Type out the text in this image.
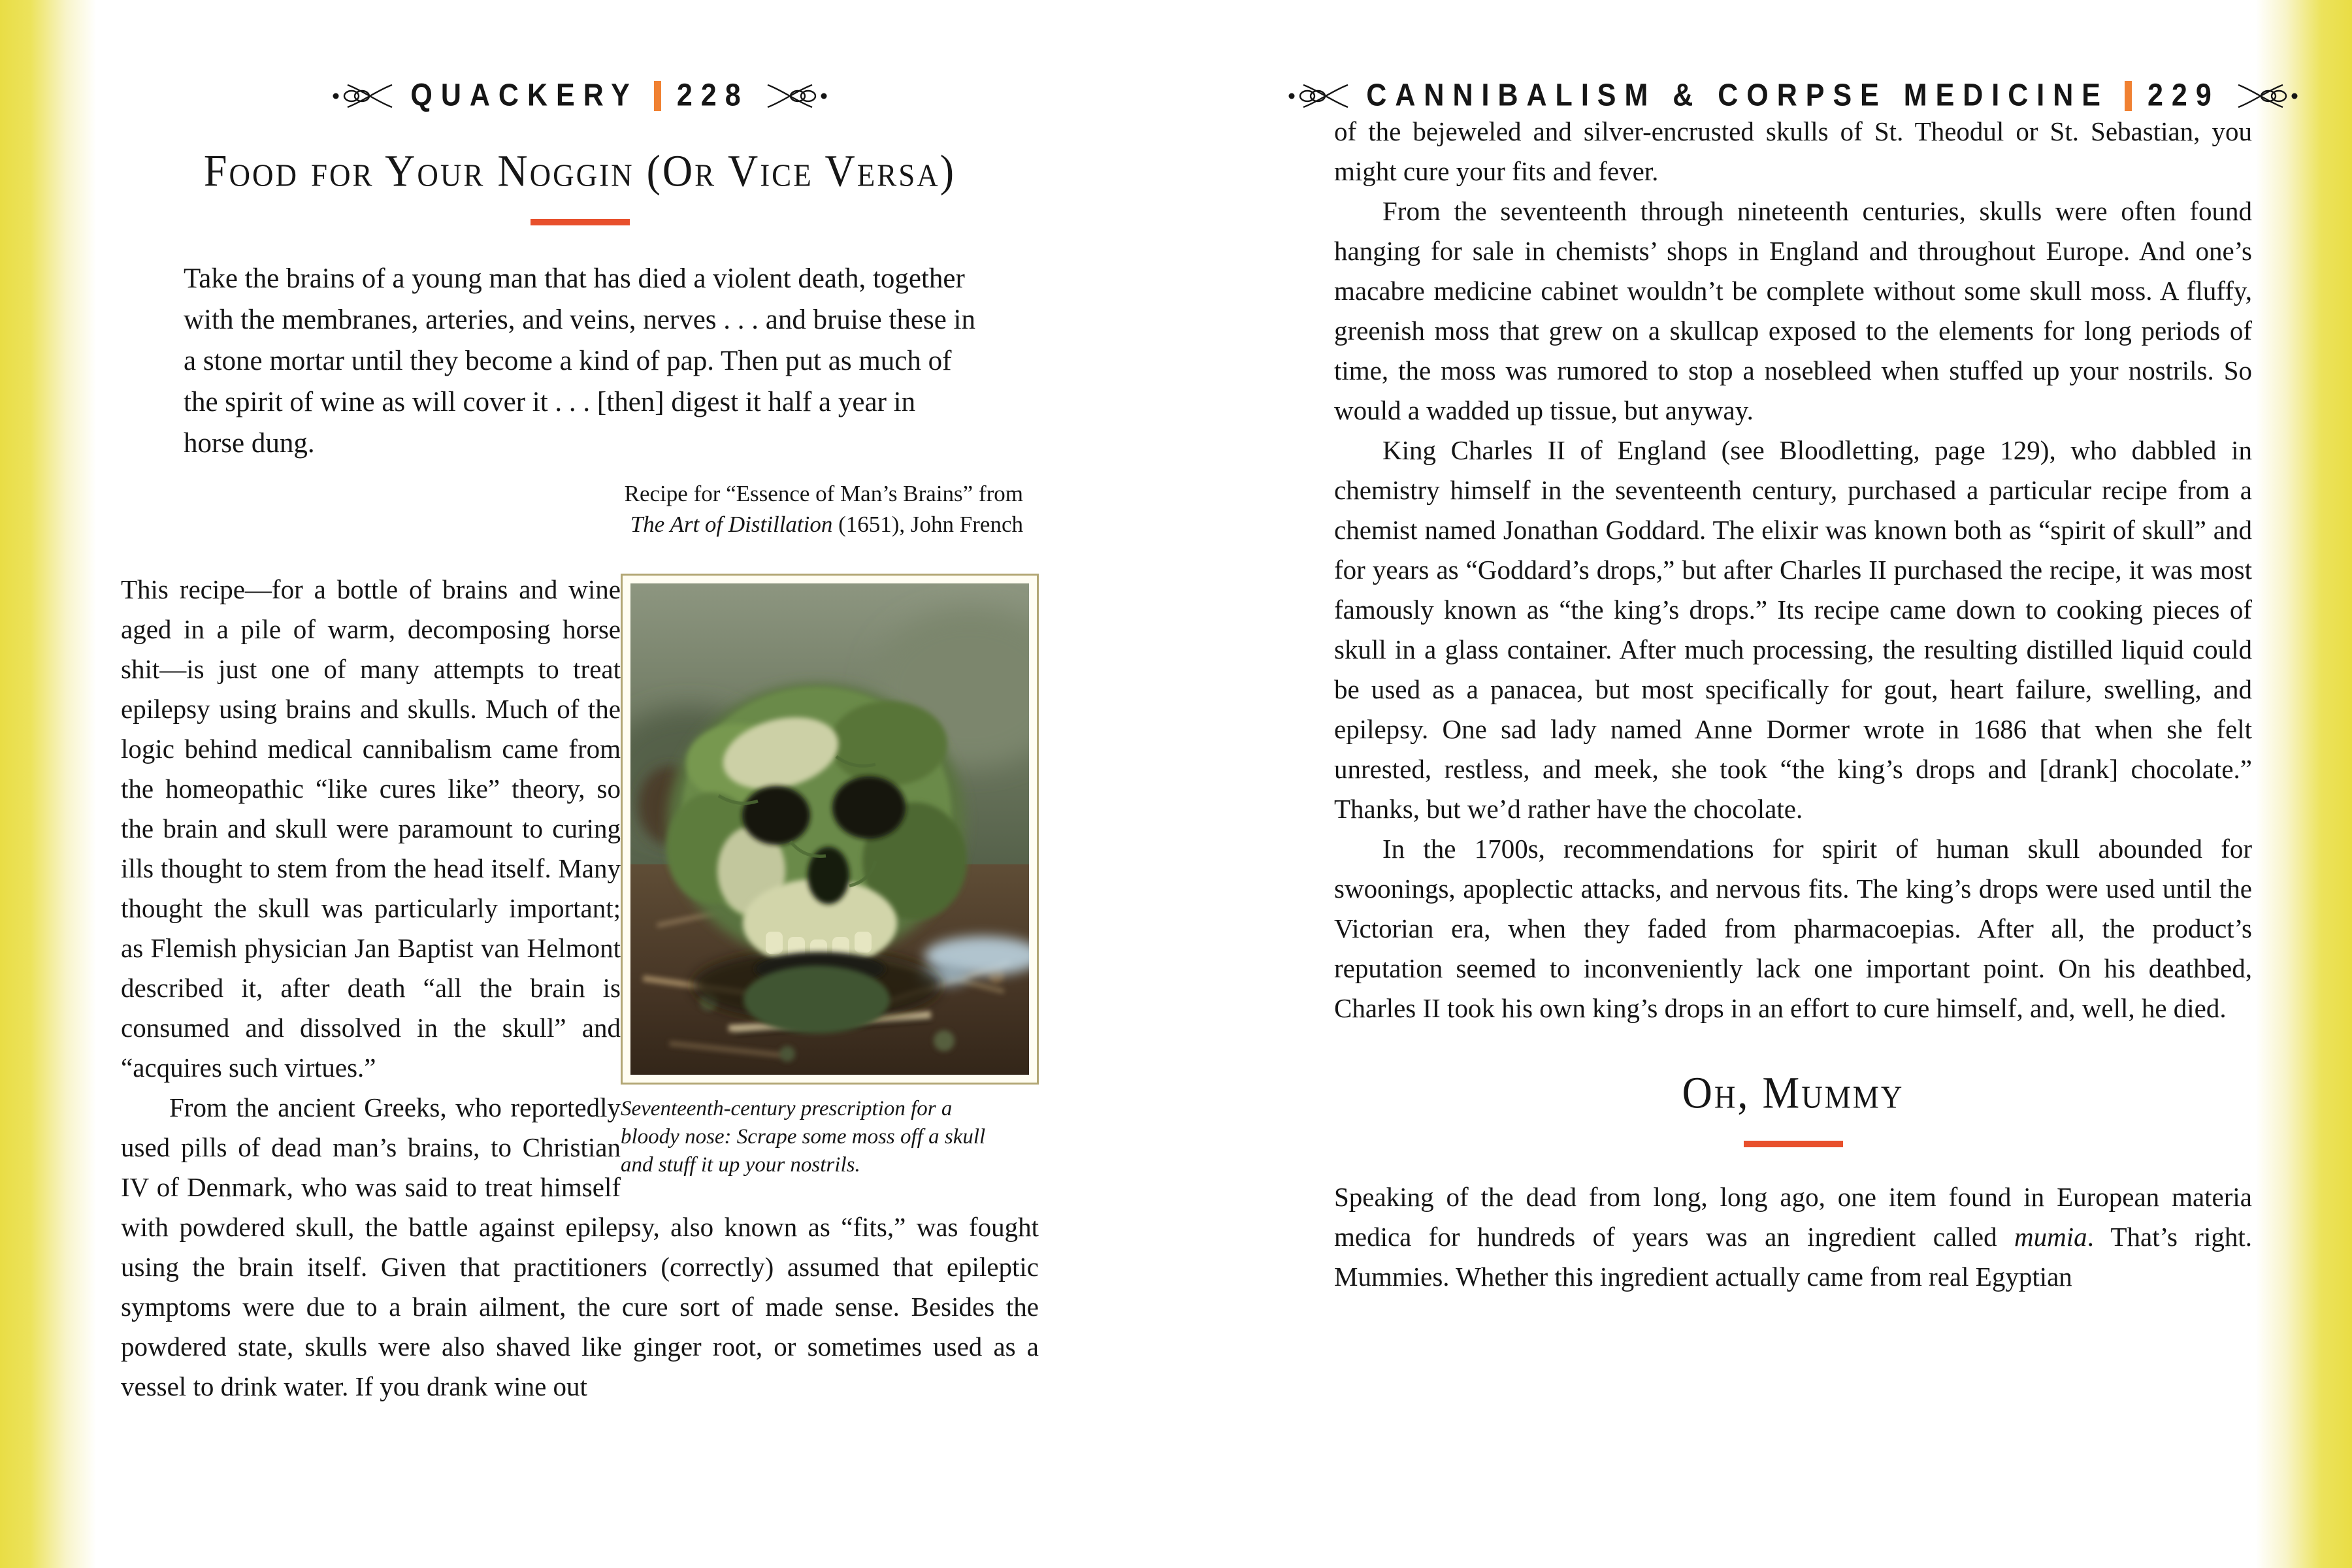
QUACKERY 228
Food for Your Noggin (Or Vice Versa)
Take the brains of a young man that has died a violent death, together with the membranes, arteries, and veins, nerves . . . and bruise these in a stone mortar until they become a kind of pap. Then put as much of the spirit of wine as will cover it . . . [then] digest it half a year in horse dung.
Recipe for “Essence of Man’s Brains” from
The Art of Distillation (1651), John French
Seventeenth-century prescription for a bloody nose: Scrape some moss off a skull and stuff it up your nostrils.

This recipe—for a bottle of brains and wine aged in a pile of warm, decomposing horse shit—is just one of many attempts to treat epilepsy using brains and skulls. Much of the logic behind medical cannibalism came from the homeopathic “like cures like” theory, so the brain and skull were paramount to curing ills thought to stem from the head itself. Many thought the skull was particularly important; as Flemish physician Jan Baptist van Helmont described it, after death “all the brain is consumed and dissolved in the skull” and “acquires such virtues.”

From the ancient Greeks, who reportedly used pills of dead man’s brains, to Christian IV of Denmark, who was said to treat himself with powdered skull, the battle against epilepsy, also known as “fits,” was fought using the brain itself. Given that practitioners (correctly) assumed that epileptic symptoms were due to a brain ailment, the cure sort of made sense. Besides the powdered state, skulls were also shaved like ginger root, or sometimes used as a vessel to drink water. If you drank wine out

CANNIBALISM & CORPSE MEDICINE 229

of the bejeweled and silver-encrusted skulls of St. Theodul or St. Sebastian, you might cure your fits and fever.

From the seventeenth through nineteenth centuries, skulls were often found hanging for sale in chemists’ shops in England and throughout Europe. And one’s macabre medicine cabinet wouldn’t be complete without some skull moss. A fluffy, greenish moss that grew on a skullcap exposed to the elements for long periods of time, the moss was rumored to stop a nosebleed when stuffed up your nostrils. So would a wadded up tissue, but anyway.

King Charles II of England (see Bloodletting, page 129), who dabbled in chemistry himself in the seventeenth century, purchased a particular recipe from a chemist named Jonathan Goddard. The elixir was known both as “spirit of skull” and for years as “Goddard’s drops,” but after Charles II purchased the recipe, it was most famously known as “the king’s drops.” Its recipe came down to cooking pieces of skull in a glass container. After much processing, the resulting distilled liquid could be used as a panacea, but most specifically for gout, heart failure, swelling, and epilepsy. One sad lady named Anne Dormer wrote in 1686 that when she felt unrested, restless, and meek, she took “the king’s drops and [drank] chocolate.” Thanks, but we’d rather have the chocolate.

In the 1700s, recommendations for spirit of human skull abounded for swoonings, apoplectic attacks, and nervous fits. The king’s drops were used until the Victorian era, when they faded from pharmacoepias. After all, the product’s reputation seemed to inconveniently lack one important point. On his deathbed, Charles II took his own king’s drops in an effort to cure himself, and, well, he died.

Oh, Mummy

Speaking of the dead from long, long ago, one item found in European materia medica for hundreds of years was an ingredient called mumia. That’s right. Mummies. Whether this ingredient actually came from real Egyptian
